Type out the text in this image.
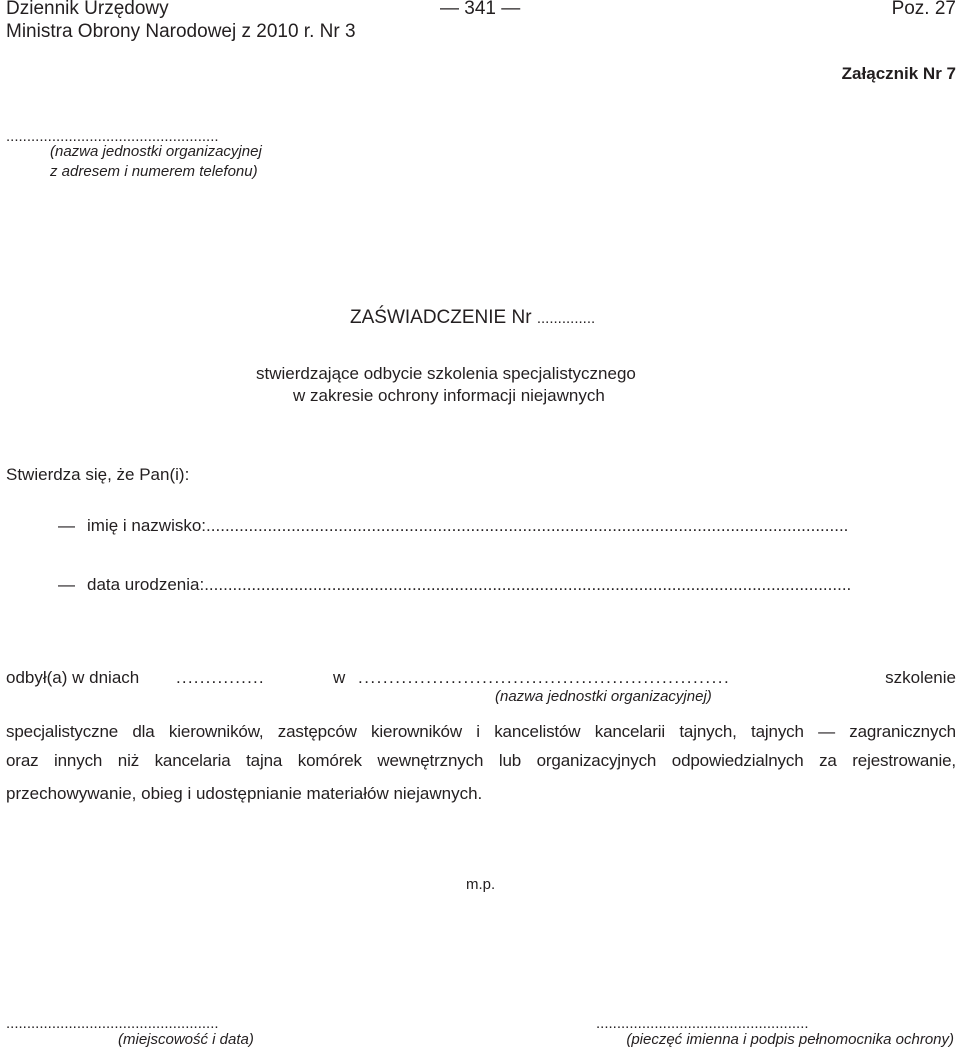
Dziennik Urzędowy	— 341 —	Poz. 27
Ministra Obrony Narodowej z 2010 r. Nr 3
Załącznik Nr 7
...................................................
(nazwa jednostki organizacyjnej
z adresem i numerem telefonu)
ZAŚWIADCZENIE Nr ..............
stwierdzające odbycie szkolenia specjalistycznego
w zakresie ochrony informacji niejawnych
Stwierdza się, że Pan(i):
— imię i nazwisko:........................................................................................................................................
— data urodzenia:.........................................................................................................................................
odbył(a) w dniach ...............	w ............................................................	szkolenie
(nazwa jednostki organizacyjnej)
specjalistyczne dla kierowników, zastępców kierowników i kancelistów kancelarii tajnych, tajnych — zagranicznych
oraz innych niż kancelaria tajna komórek wewnętrznych lub organizacyjnych odpowiedzialnych za rejestrowanie,
przechowywanie, obieg i udostępnianie materiałów niejawnych.
m.p.
...................................................
(miejscowość i data)
...................................................
(pieczęć imienna i podpis pełnomocnika ochrony)
